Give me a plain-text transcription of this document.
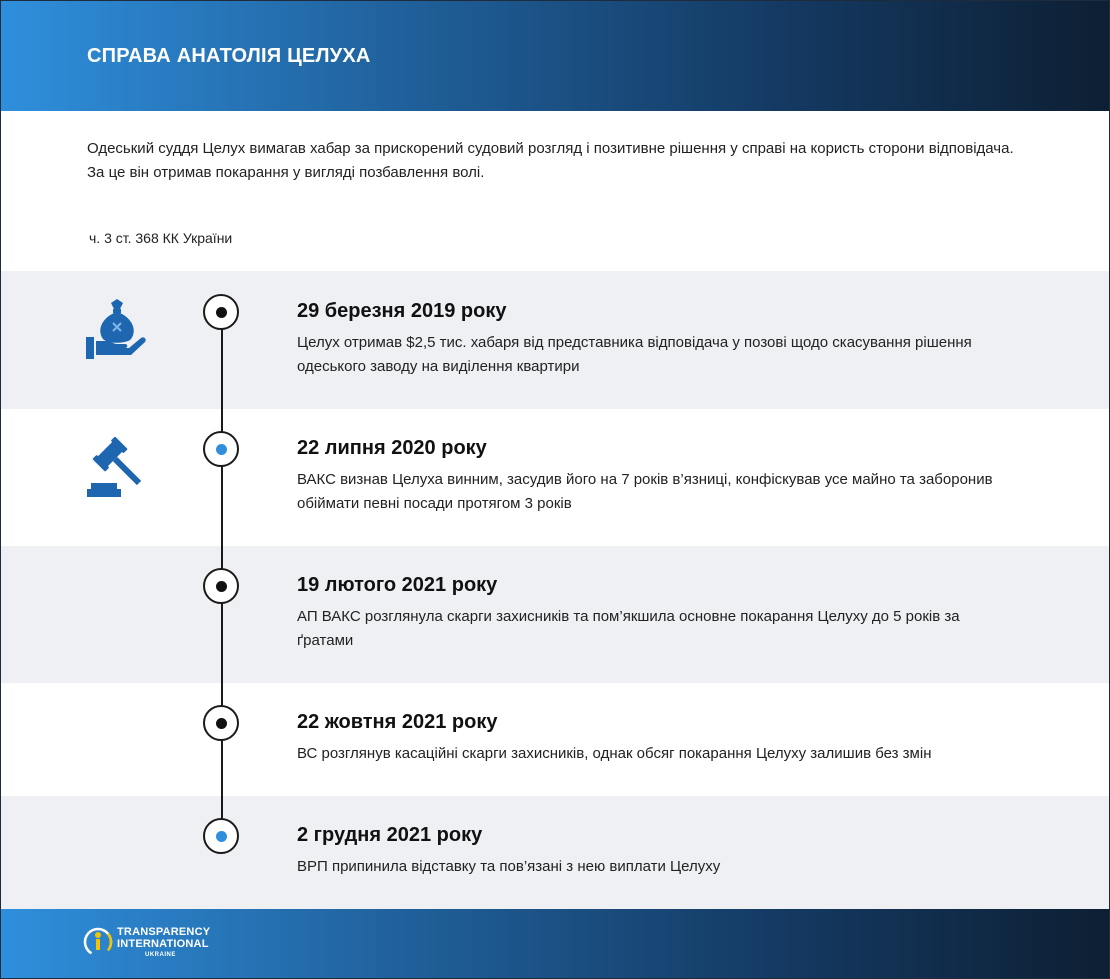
СПРАВА АНАТОЛІЯ ЦЕЛУХА

Одеський суддя Целух вимагав хабар за прискорений судовий розгляд і позитивне рішення у справі на користь сторони відповідача. За це він отримав покарання у вигляді позбавлення волі.

ч. 3 ст. 368 КК України

29 березня 2019 року

Целух отримав $2,5 тис. хабаря від представника відповідача у позові щодо скасування рішення одеського заводу на виділення квартири

22 липня 2020 року

ВАКС визнав Целуха винним, засудив його на 7 років в’язниці, конфіскував усе майно та заборонив обіймати певні посади протягом 3 років

19 лютого 2021 року

АП ВАКС розглянула скарги захисників та пом’якшила основне покарання Целуху до 5 років за ґратами

22 жовтня 2021 року

ВС розглянув касаційні скарги захисників, однак обсяг покарання Целуху залишив без змін

2 грудня 2021 року

ВРП припинила відставку та пов’язані з нею виплати Целуху

TRANSPARENCY

INTERNATIONAL

UKRAINE
